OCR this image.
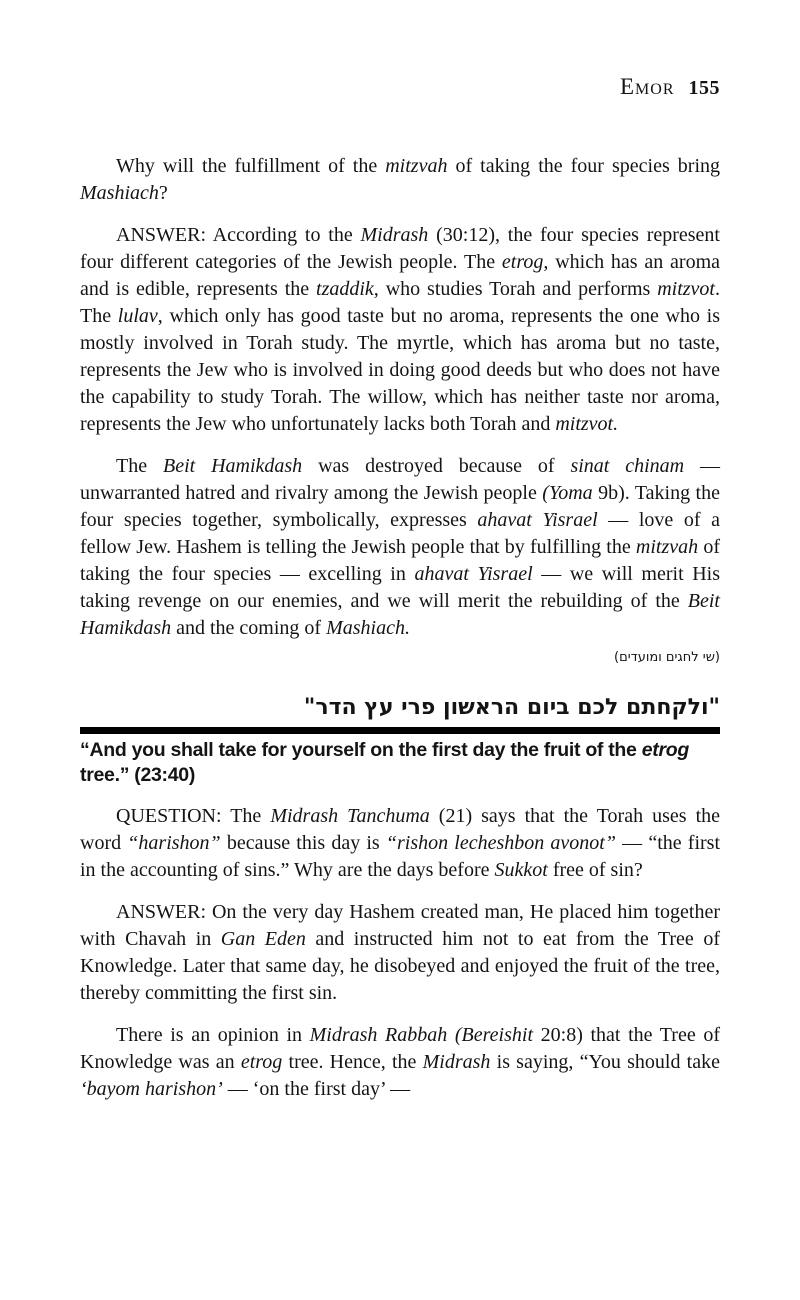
Emor 155

Why will the fulfillment of the mitzvah of taking the four species bring Mashiach?

ANSWER: According to the Midrash (30:12), the four species represent four different categories of the Jewish people. The etrog, which has an aroma and is edible, represents the tzaddik, who studies Torah and performs mitzvot. The lulav, which only has good taste but no aroma, represents the one who is mostly involved in Torah study. The myrtle, which has aroma but no taste, represents the Jew who is involved in doing good deeds but who does not have the capability to study Torah. The willow, which has neither taste nor aroma, represents the Jew who unfortunately lacks both Torah and mitzvot.

The Beit Hamikdash was destroyed because of sinat chinam — unwarranted hatred and rivalry among the Jewish people (Yoma 9b). Taking the four species together, symbolically, expresses ahavat Yisrael — love of a fellow Jew. Hashem is telling the Jewish people that by fulfilling the mitzvah of taking the four species — excelling in ahavat Yisrael — we will merit His taking revenge on our enemies, and we will merit the rebuilding of the Beit Hamikdash and the coming of Mashiach.

(שי לחגים ומועדים)

"ולקחתם לכם ביום הראשון פרי עץ הדר"

“And you shall take for yourself on the first day the fruit of the etrog tree.” (23:40)

QUESTION: The Midrash Tanchuma (21) says that the Torah uses the word “harishon” because this day is “rishon lecheshbon avonot” — “the first in the accounting of sins.” Why are the days before Sukkot free of sin?

ANSWER: On the very day Hashem created man, He placed him together with Chavah in Gan Eden and instructed him not to eat from the Tree of Knowledge. Later that same day, he disobeyed and enjoyed the fruit of the tree, thereby committing the first sin.

There is an opinion in Midrash Rabbah (Bereishit 20:8) that the Tree of Knowledge was an etrog tree. Hence, the Midrash is saying, “You should take ‘bayom harishon’ — ‘on the first day’ —
